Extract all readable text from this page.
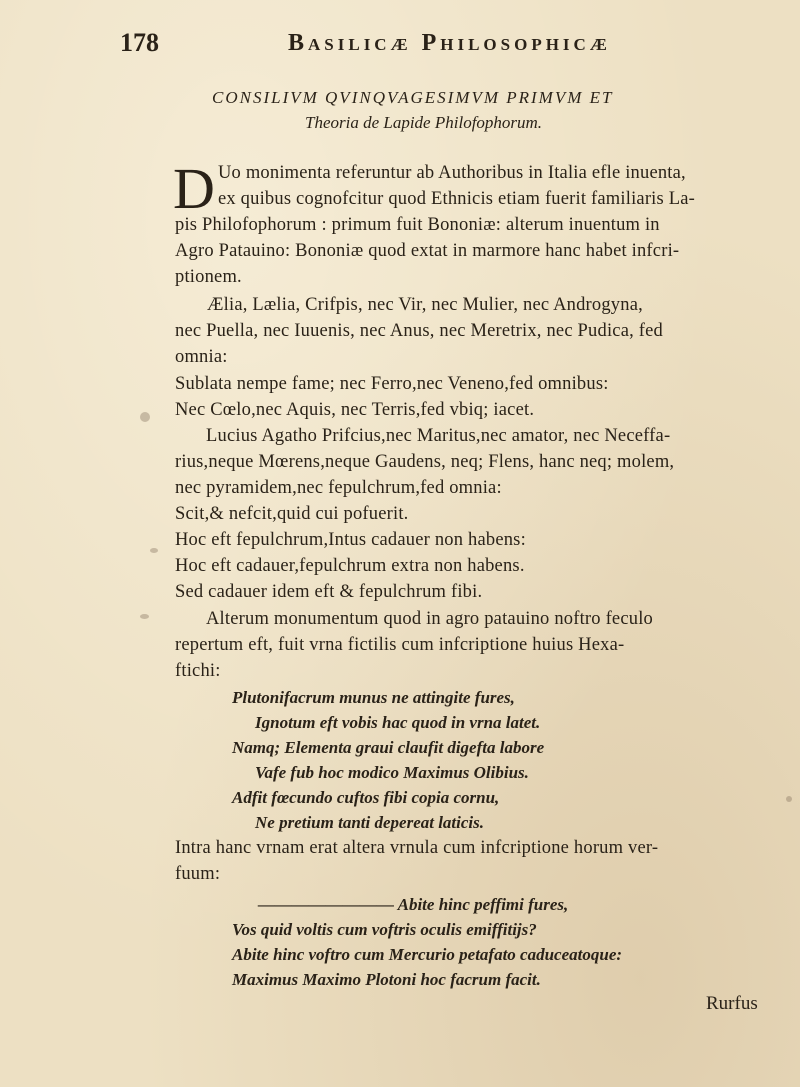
178	Basilicæ Philosophicæ
CONSILIVM QVINQVAGESIMVM PRIMVM ET
Theoria de Lapide Philofophorum.
D Uo monimenta referuntur ab Authoribus in Italia efle inuenta,
ex quibus cognofcitur quod Ethnicis etiam fuerit familiaris La-
pis Philofophorum : primum fuit Bononiæ: alterum inuentum in
Agro Patauino: Bononiæ quod extat in marmore hanc habet infcri-
ptionem.
Ælia, Lælia, Crifpis, nec Vir, nec Mulier, nec Androgyna,
nec Puella, nec Iuuenis, nec Anus, nec Meretrix, nec Pudica, fed
omnia:
Sublata nempe fame; nec Ferro,nec Veneno,fed omnibus:
Nec Cœlo,nec Aquis, nec Terris,fed vbiq; iacet.
Lucius Agatho Prifcius,nec Maritus,nec amator, nec Neceffa-
rius,neque Mœrens,neque Gaudens, neq; Flens, hanc neq; molem,
nec pyramidem,nec fepulchrum,fed omnia:
Scit,& nefcit,quid cui pofuerit.
Hoc eft fepulchrum,Intus cadauer non habens:
Hoc eft cadauer,fepulchrum extra non habens.
Sed cadauer idem eft & fepulchrum fibi.
Alterum monumentum quod in agro patauino noftro feculo
repertum eft, fuit vrna fictilis cum infcriptione huius Hexa-
ftichi:
Plutonifacrum munus ne attingite fures,
Ignotum eft vobis hac quod in vrna latet.
Namq; Elementa graui claufit digefta labore
Vafe fub hoc modico Maximus Olibius.
Adfit fœcundo cuftos fibi copia cornu,
Ne pretium tanti depereat laticis.
Intra hanc vrnam erat altera vrnula cum infcriptione horum ver-
fuum:
———————— Abite hinc peffimi fures,
Vos quid voltis cum voftris oculis emiffitijs?
Abite hinc voftro cum Mercurio petafato caduceatoque:
Maximus Maximo Plotoni hoc facrum facit.
Rurfus
